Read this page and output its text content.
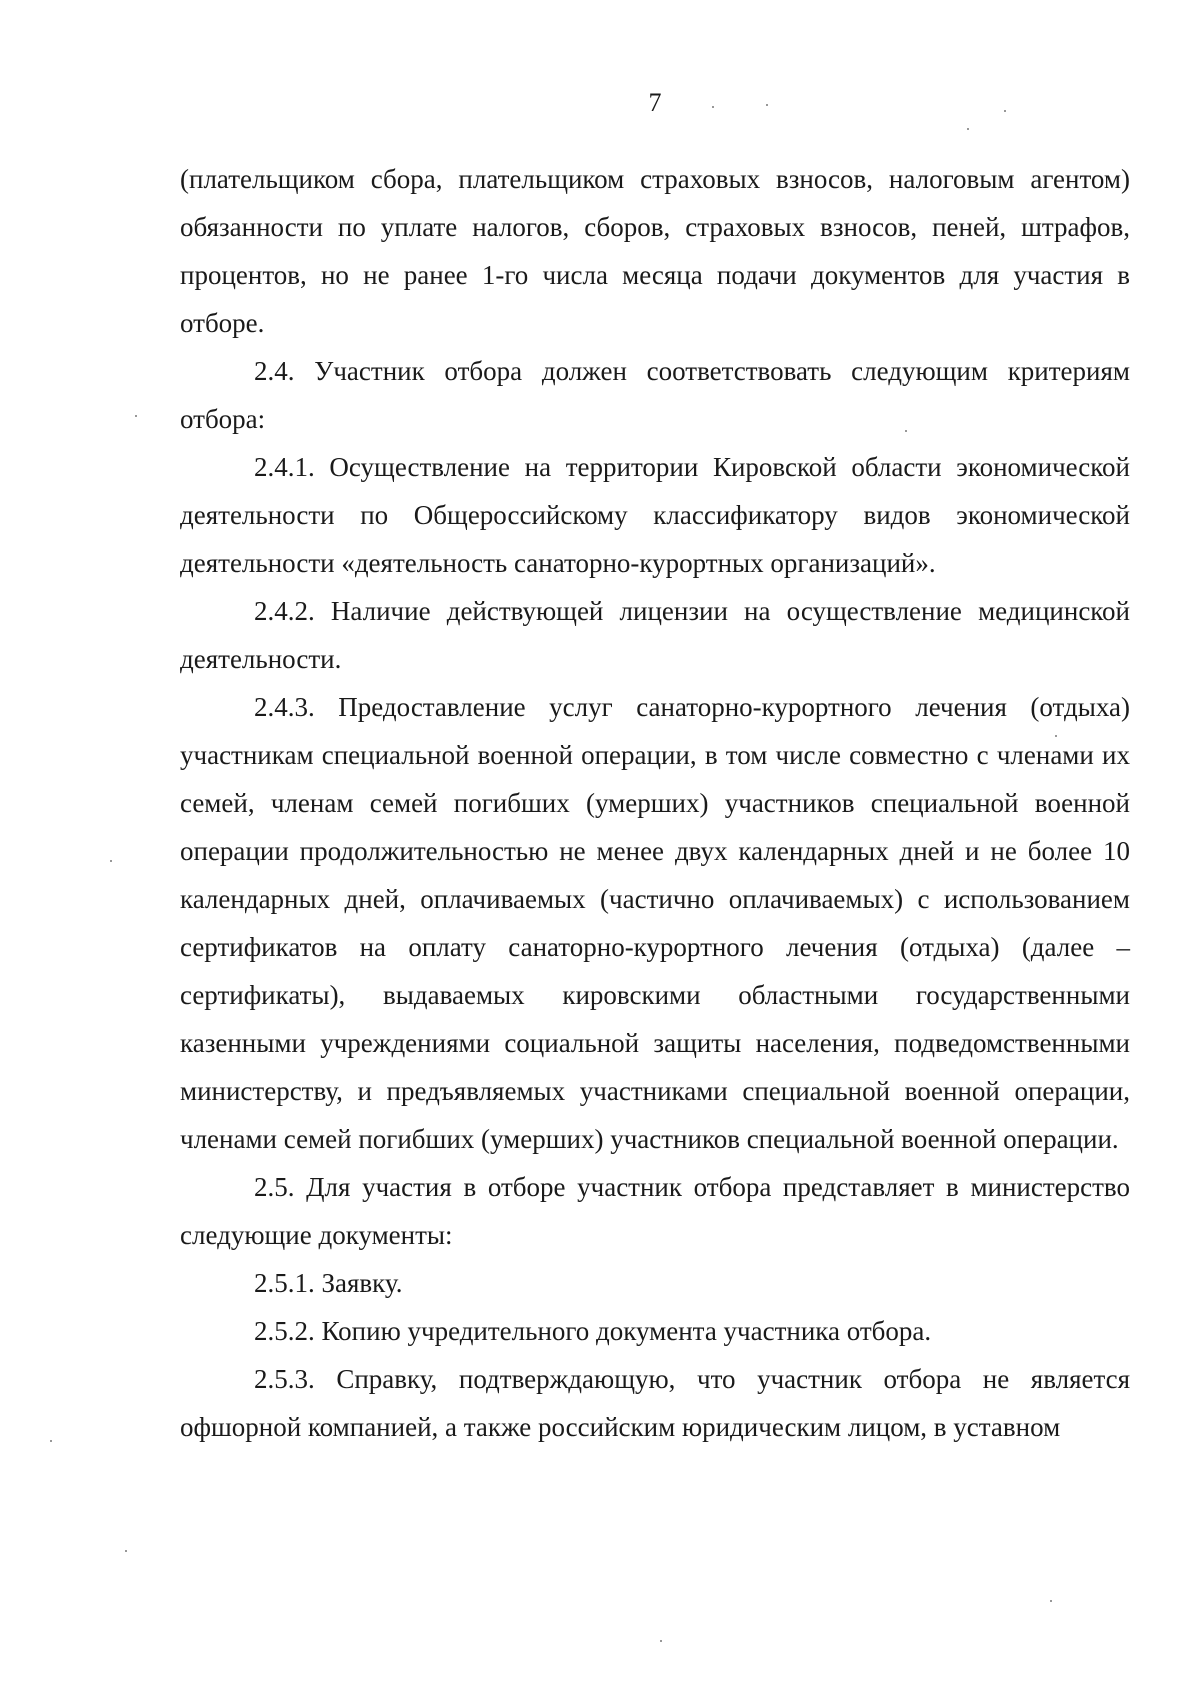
7

(плательщиком сбора, плательщиком страховых взносов, налоговым агентом) обязанности по уплате налогов, сборов, страховых взносов, пеней, штрафов, процентов, но не ранее 1-го числа месяца подачи документов для участия в отборе.

2.4. Участник отбора должен соответствовать следующим критериям отбора:

2.4.1. Осуществление на территории Кировской области экономической деятельности по Общероссийскому классификатору видов экономической деятельности «деятельность санаторно-курортных организаций».

2.4.2. Наличие действующей лицензии на осуществление медицинской деятельности.

2.4.3. Предоставление услуг санаторно-курортного лечения (отдыха) участникам специальной военной операции, в том числе совместно с членами их семей, членам семей погибших (умерших) участников специальной военной операции продолжительностью не менее двух календарных дней и не более 10 календарных дней, оплачиваемых (частично оплачиваемых) с использованием сертификатов на оплату санаторно-курортного лечения (отдыха) (далее – сертификаты), выдаваемых кировскими областными государственными казенными учреждениями социальной защиты населения, подведомственными министерству, и предъявляемых участниками специальной военной операции, членами семей погибших (умерших) участников специальной военной операции.

2.5. Для участия в отборе участник отбора представляет в министерство следующие документы:

2.5.1. Заявку.

2.5.2. Копию учредительного документа участника отбора.

2.5.3. Справку, подтверждающую, что участник отбора не является офшорной компанией, а также российским юридическим лицом, в уставном
